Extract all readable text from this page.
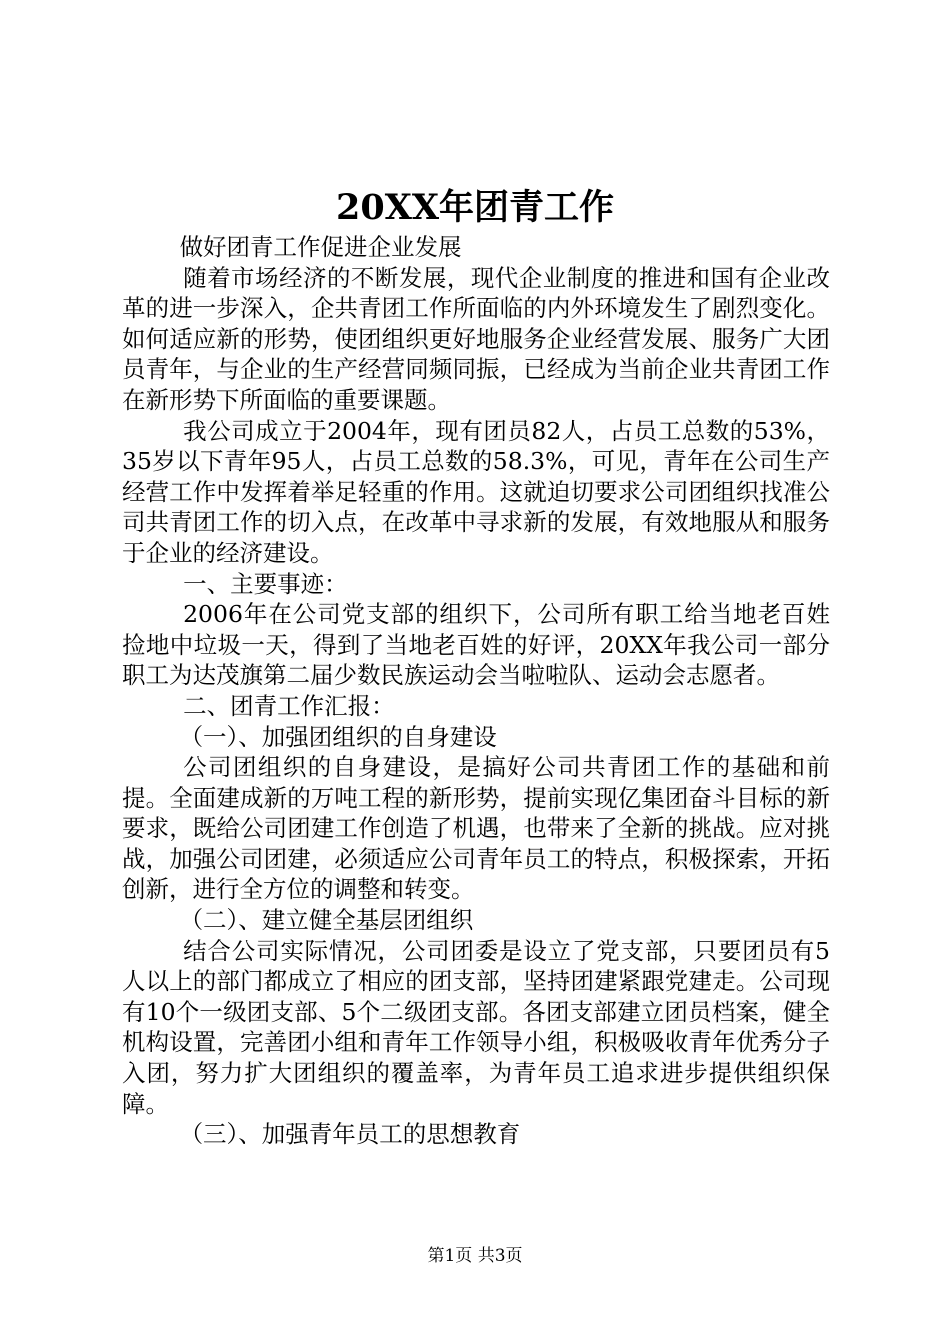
20XX年团青工作

做好团青工作促进企业发展

随着市场经济的不断发展，现代企业制度的推进和国有企业改革的进一步深入，企共青团工作所面临的内外环境发生了剧烈变化。如何适应新的形势，使团组织更好地服务企业经营发展、服务广大团员青年，与企业的生产经营同频同振，已经成为当前企业共青团工作在新形势下所面临的重要课题。

我公司成立于2004年，现有团员82人，占员工总数的53%，35岁以下青年95人，占员工总数的58.3%，可见，青年在公司生产经营工作中发挥着举足轻重的作用。这就迫切要求公司团组织找准公司共青团工作的切入点，在改革中寻求新的发展，有效地服从和服务于企业的经济建设。

一、主要事迹：

2006年在公司党支部的组织下，公司所有职工给当地老百姓捡地中垃圾一天，得到了当地老百姓的好评，20XX年我公司一部分职工为达茂旗第二届少数民族运动会当啦啦队、运动会志愿者。

二、团青工作汇报：

（一）、加强团组织的自身建设

公司团组织的自身建设，是搞好公司共青团工作的基础和前提。全面建成新的万吨工程的新形势，提前实现亿集团奋斗目标的新要求，既给公司团建工作创造了机遇，也带来了全新的挑战。应对挑战，加强公司团建，必须适应公司青年员工的特点，积极探索，开拓创新，进行全方位的调整和转变。

（二）、建立健全基层团组织

结合公司实际情况，公司团委是设立了党支部，只要团员有5人以上的部门都成立了相应的团支部，坚持团建紧跟党建走。公司现有10个一级团支部、5个二级团支部。各团支部建立团员档案，健全机构设置，完善团小组和青年工作领导小组，积极吸收青年优秀分子入团，努力扩大团组织的覆盖率，为青年员工追求进步提供组织保障。

（三）、加强青年员工的思想教育

第1页 共3页
